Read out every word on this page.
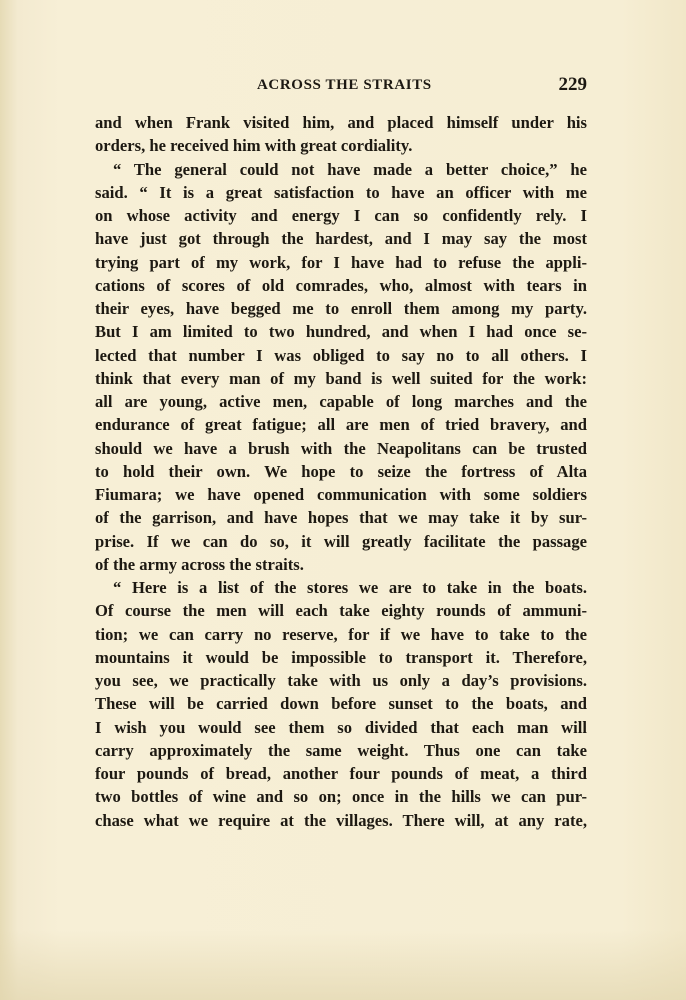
ACROSS THE STRAITS	229
and when Frank visited him, and placed himself under his
orders, he received him with great cordiality.
“ The general could not have made a better choice,” he
said. “ It is a great satisfaction to have an officer with me
on whose activity and energy I can so confidently rely. I
have just got through the hardest, and I may say the most
trying part of my work, for I have had to refuse the appli-
cations of scores of old comrades, who, almost with tears in
their eyes, have begged me to enroll them among my party.
But I am limited to two hundred, and when I had once se-
lected that number I was obliged to say no to all others. I
think that every man of my band is well suited for the work:
all are young, active men, capable of long marches and the
endurance of great fatigue; all are men of tried bravery, and
should we have a brush with the Neapolitans can be trusted
to hold their own. We hope to seize the fortress of Alta
Fiumara; we have opened communication with some soldiers
of the garrison, and have hopes that we may take it by sur-
prise. If we can do so, it will greatly facilitate the passage
of the army across the straits.
“ Here is a list of the stores we are to take in the boats.
Of course the men will each take eighty rounds of ammuni-
tion; we can carry no reserve, for if we have to take to the
mountains it would be impossible to transport it. Therefore,
you see, we practically take with us only a day’s provisions.
These will be carried down before sunset to the boats, and
I wish you would see them so divided that each man will
carry approximately the same weight. Thus one can take
four pounds of bread, another four pounds of meat, a third
two bottles of wine and so on; once in the hills we can pur-
chase what we require at the villages. There will, at any rate,
